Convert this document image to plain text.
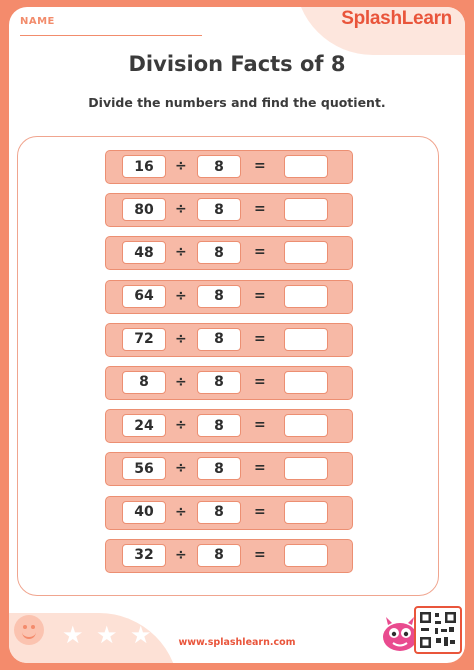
NAME	SplashLearn
Division Facts of 8
Divide the numbers and find the quotient.
16	÷	8	=
80	÷	8	=
48	÷	8	=
64	÷	8	=
72	÷	8	=
8	÷	8	=
24	÷	8	=
56	÷	8	=
40	÷	8	=
32	÷	8	=
★ ★ ★	www.splashlearn.com
